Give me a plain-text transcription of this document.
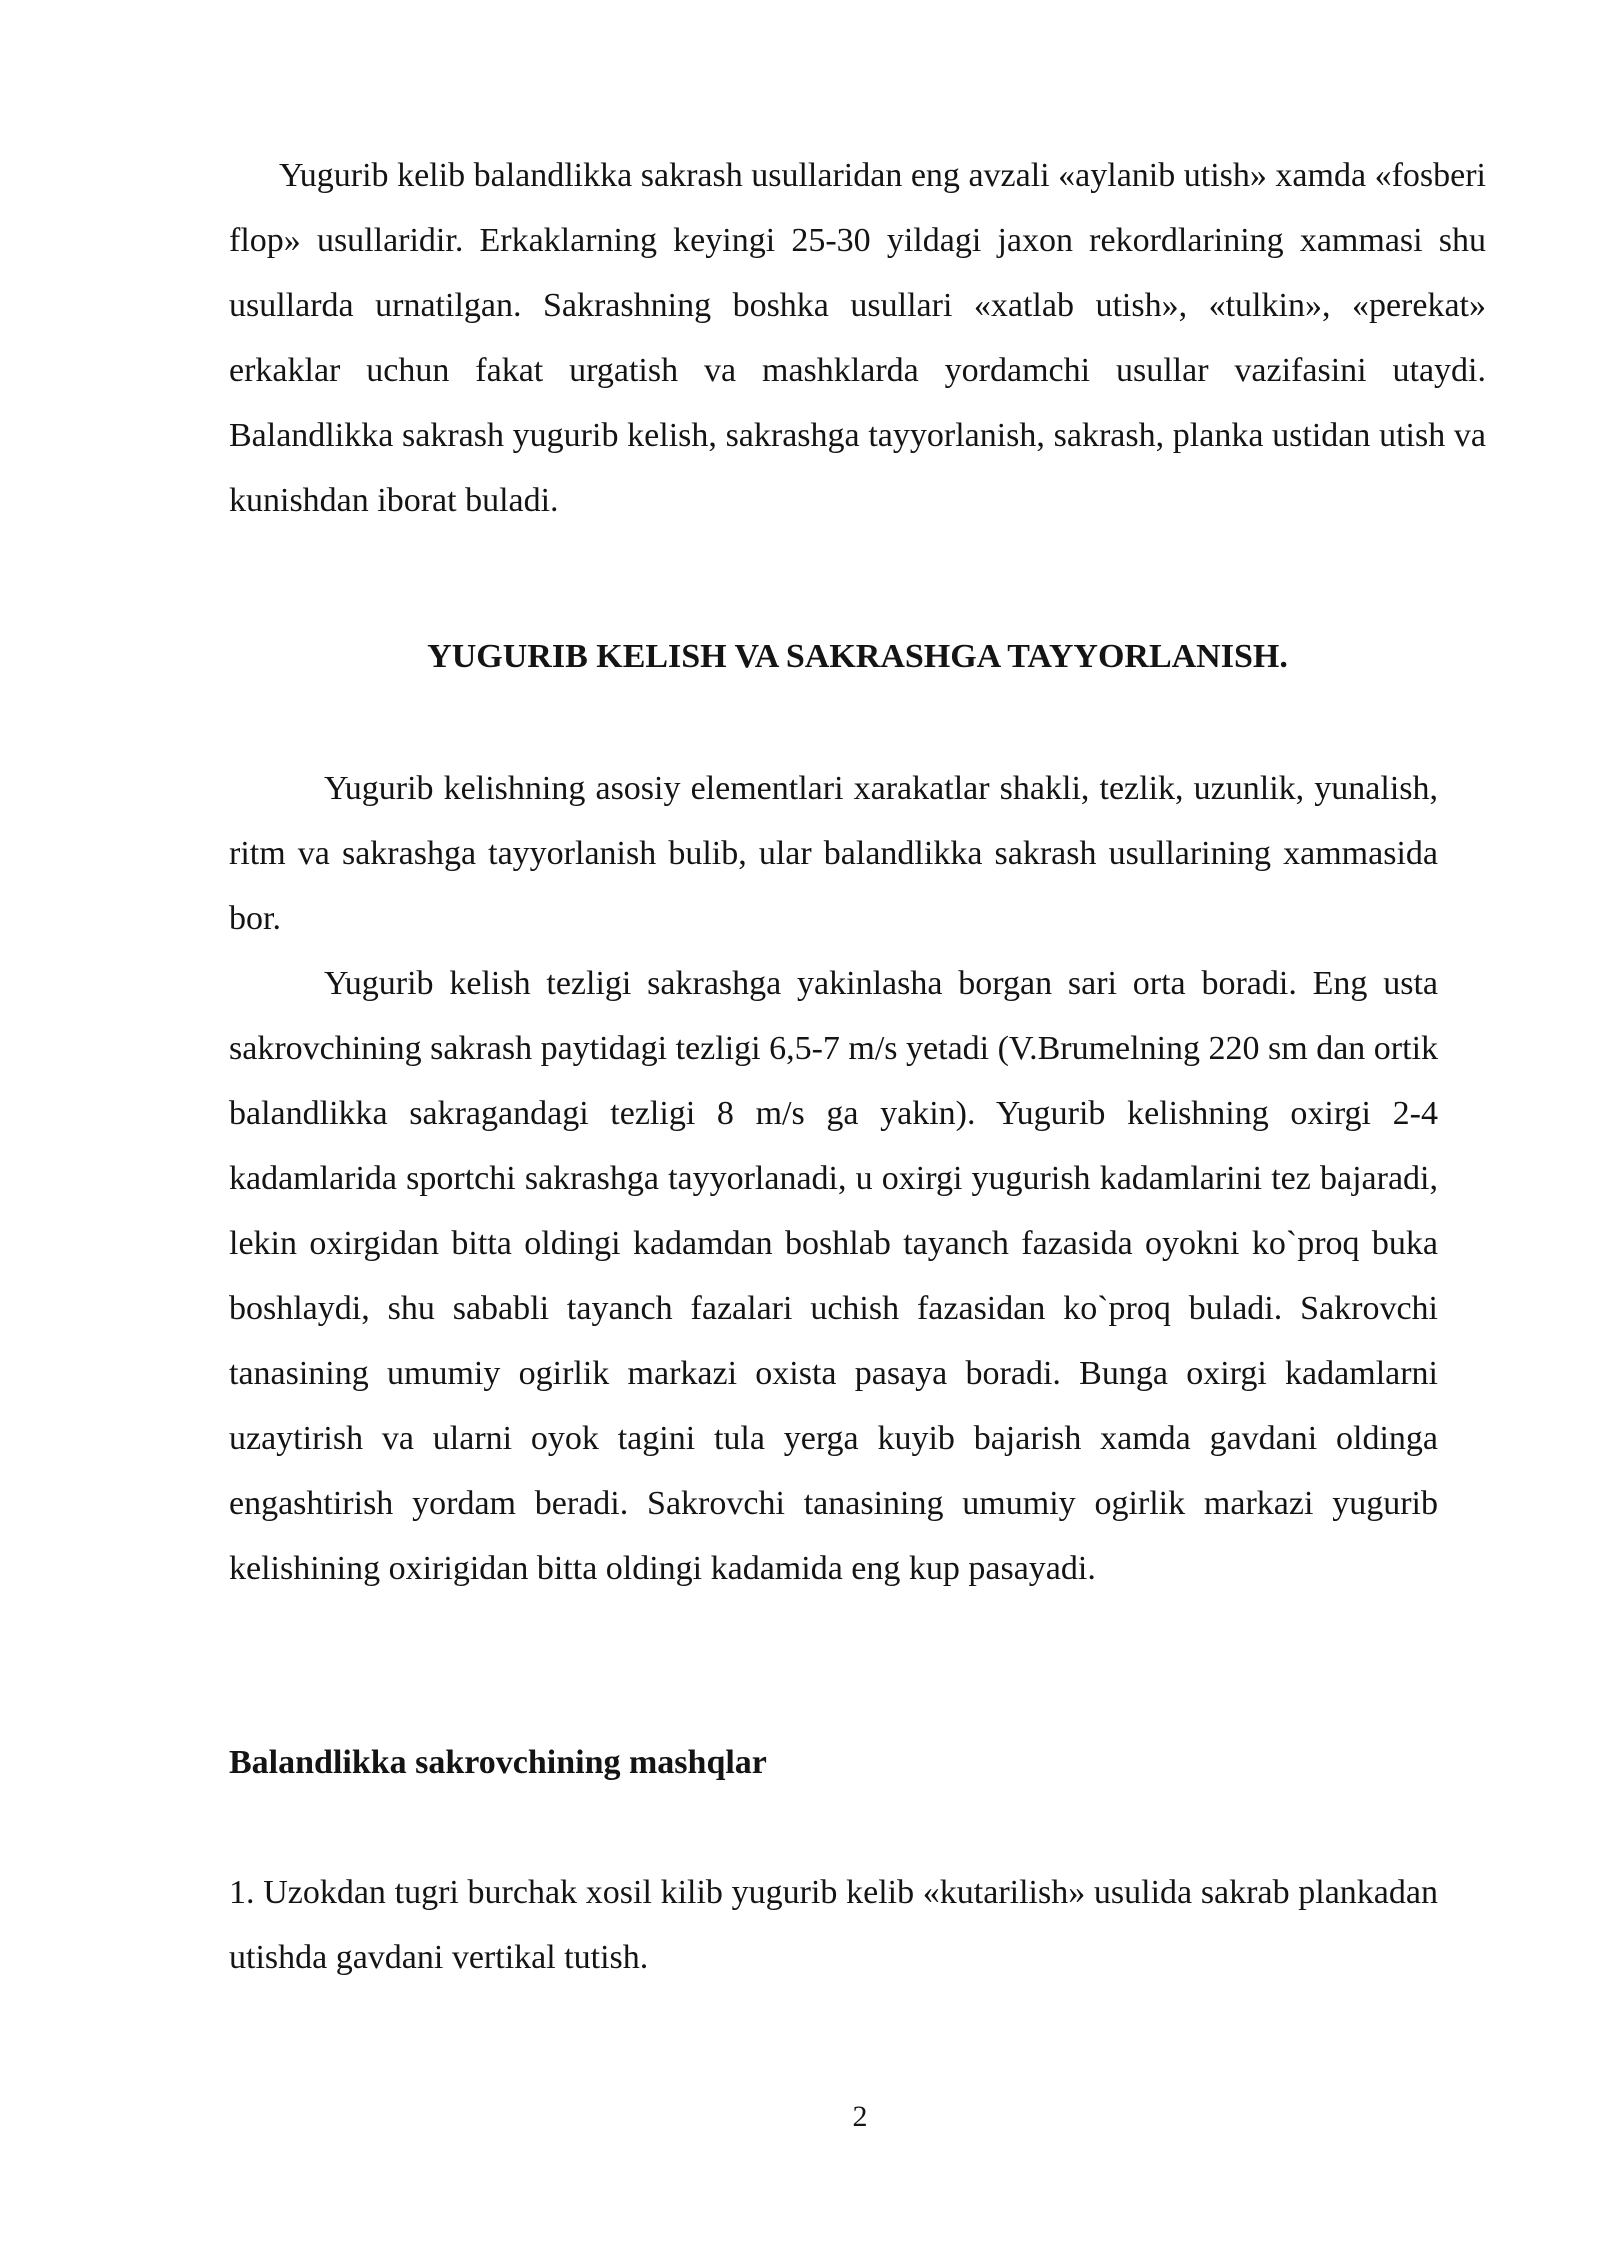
Yugurib kelib balandlikka sakrash usullaridan eng avzali «aylanib utish» xamda «fosberi flop» usullaridir. Erkaklarning keyingi 25-30 yildagi jaxon rekordlarining xammasi shu usullarda urnatilgan. Sakrashning boshka usullari «xatlab utish», «tulkin», «perekat» erkaklar uchun fakat urgatish va mashklarda yordamchi usullar vazifasini utaydi. Balandlikka sakrash yugurib kelish, sakrashga tayyorlanish, sakrash, planka ustidan utish va kunishdan iborat buladi.

YUGURIB KELISH VA SAKRASHGA TAYYORLANISH.

Yugurib kelishning asosiy elementlari xarakatlar shakli, tezlik, uzunlik, yunalish, ritm va sakrashga tayyorlanish bulib, ular balandlikka sakrash usullarining xammasida bor.

Yugurib kelish tezligi sakrashga yakinlasha borgan sari orta boradi. Eng usta sakrovchining sakrash paytidagi tezligi 6,5-7 m/s yetadi (V.Brumelning 220 sm dan ortik balandlikka sakragandagi tezligi 8 m/s ga yakin). Yugurib kelishning oxirgi 2-4 kadamlarida sportchi sakrashga tayyorlanadi, u oxirgi yugurish kadamlarini tez bajaradi, lekin oxirgidan bitta oldingi kadamdan boshlab tayanch fazasida oyokni ko`proq buka boshlaydi, shu sababli tayanch fazalari uchish fazasidan ko`proq buladi. Sakrovchi tanasining umumiy ogirlik markazi oxista pasaya boradi. Bunga oxirgi kadamlarni uzaytirish va ularni oyok tagini tula yerga kuyib bajarish xamda gavdani oldinga engashtirish yordam beradi. Sakrovchi tanasining umumiy ogirlik markazi yugurib kelishining oxirigidan bitta oldingi kadamida eng kup pasayadi.

Balandlikka sakrovchining mashqlar

1. Uzokdan tugri burchak xosil kilib yugurib kelib «kutarilish» usulida sakrab plankadan utishda gavdani vertikal tutish.

2
